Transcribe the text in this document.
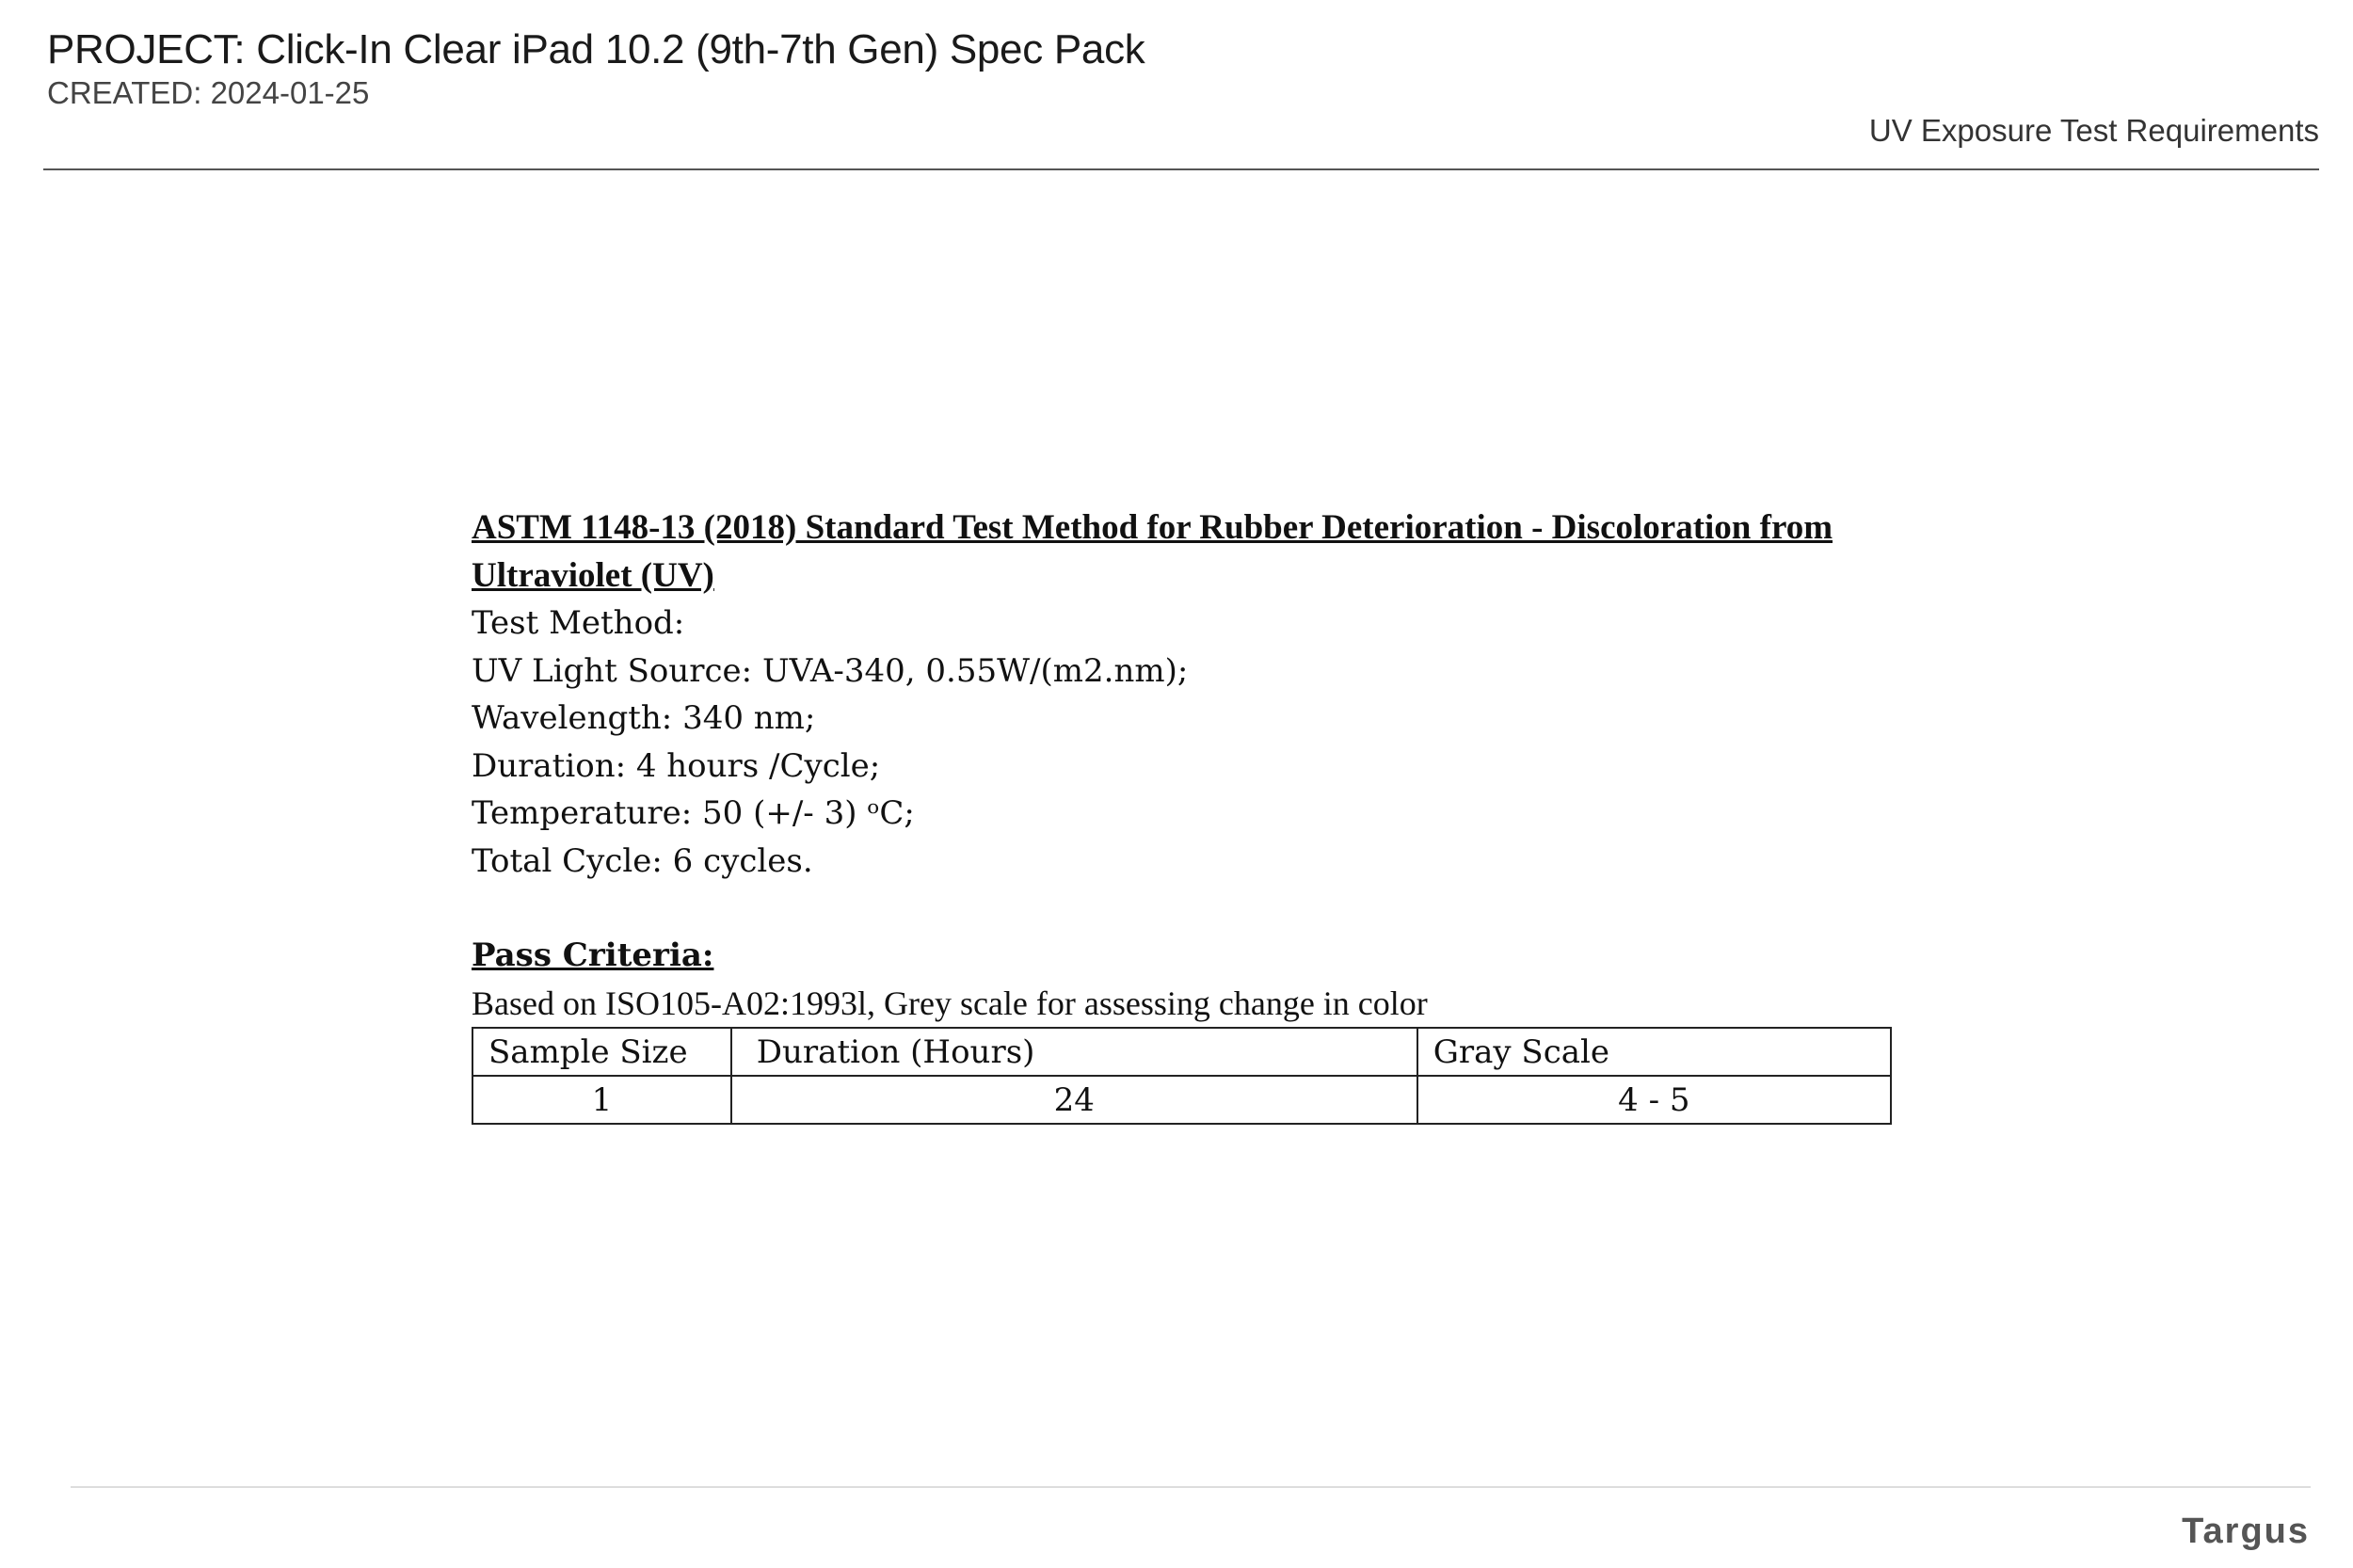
PROJECT: Click-In Clear iPad 10.2 (9th-7th Gen) Spec Pack
CREATED: 2024-01-25
UV Exposure Test Requirements
ASTM 1148-13 (2018) Standard Test Method for Rubber Deterioration - Discoloration from Ultraviolet (UV)
Test Method:
UV Light Source: UVA-340, 0.55W/(m2.nm);
Wavelength: 340 nm;
Duration: 4 hours /Cycle;
Temperature: 50 (+/- 3) ᵒC;
Total Cycle: 6 cycles.
Pass Criteria:
Based on ISO105-A02:1993l, Grey scale for assessing change in color
Sample Size	Duration (Hours)	Gray Scale
1	24	4 - 5
Targus
